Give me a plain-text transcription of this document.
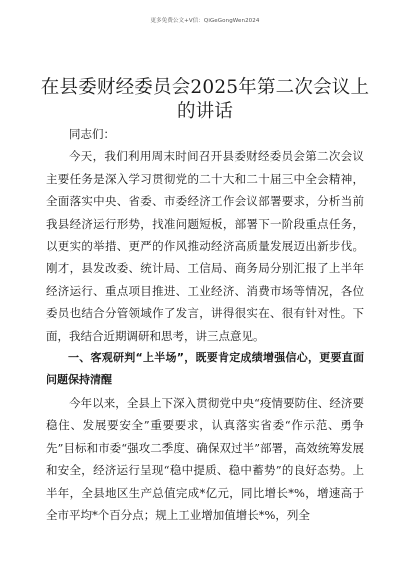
更多免费公文+V信：QiGeGongWen2024
在县委财经委员会2025年第二次会议上的讲话

同志们：

今天，我们利用周末时间召开县委财经委员会第二次会议主要任务是深入学习贯彻党的二十大和二十届三中全会精神，全面落实中央、省委、市委经济工作会议部署要求，分析当前我县经济运行形势，找准问题短板，部署下一阶段重点任务，以更实的举措、更严的作风推动经济高质量发展迈出新步伐。刚才，县发改委、统计局、工信局、商务局分别汇报了上半年经济运行、重点项目推进、工业经济、消费市场等情况，各位委员也结合分管领域作了发言，讲得很实在、很有针对性。下面，我结合近期调研和思考，讲三点意见。

一、客观研判“上半场”，既要肯定成绩增强信心，更要直面问题保持清醒

今年以来，全县上下深入贯彻党中央“疫情要防住、经济要稳住、发展要安全”重要要求，认真落实省委“作示范、勇争先”目标和市委“强攻二季度、确保双过半”部署，高效统筹发展和安全，经济运行呈现“稳中提质、稳中蓄势”的良好态势。上半年，全县地区生产总值完成*亿元，同比增长*%，增速高于全市平均*个百分点；规上工业增加值增长*%，列全
